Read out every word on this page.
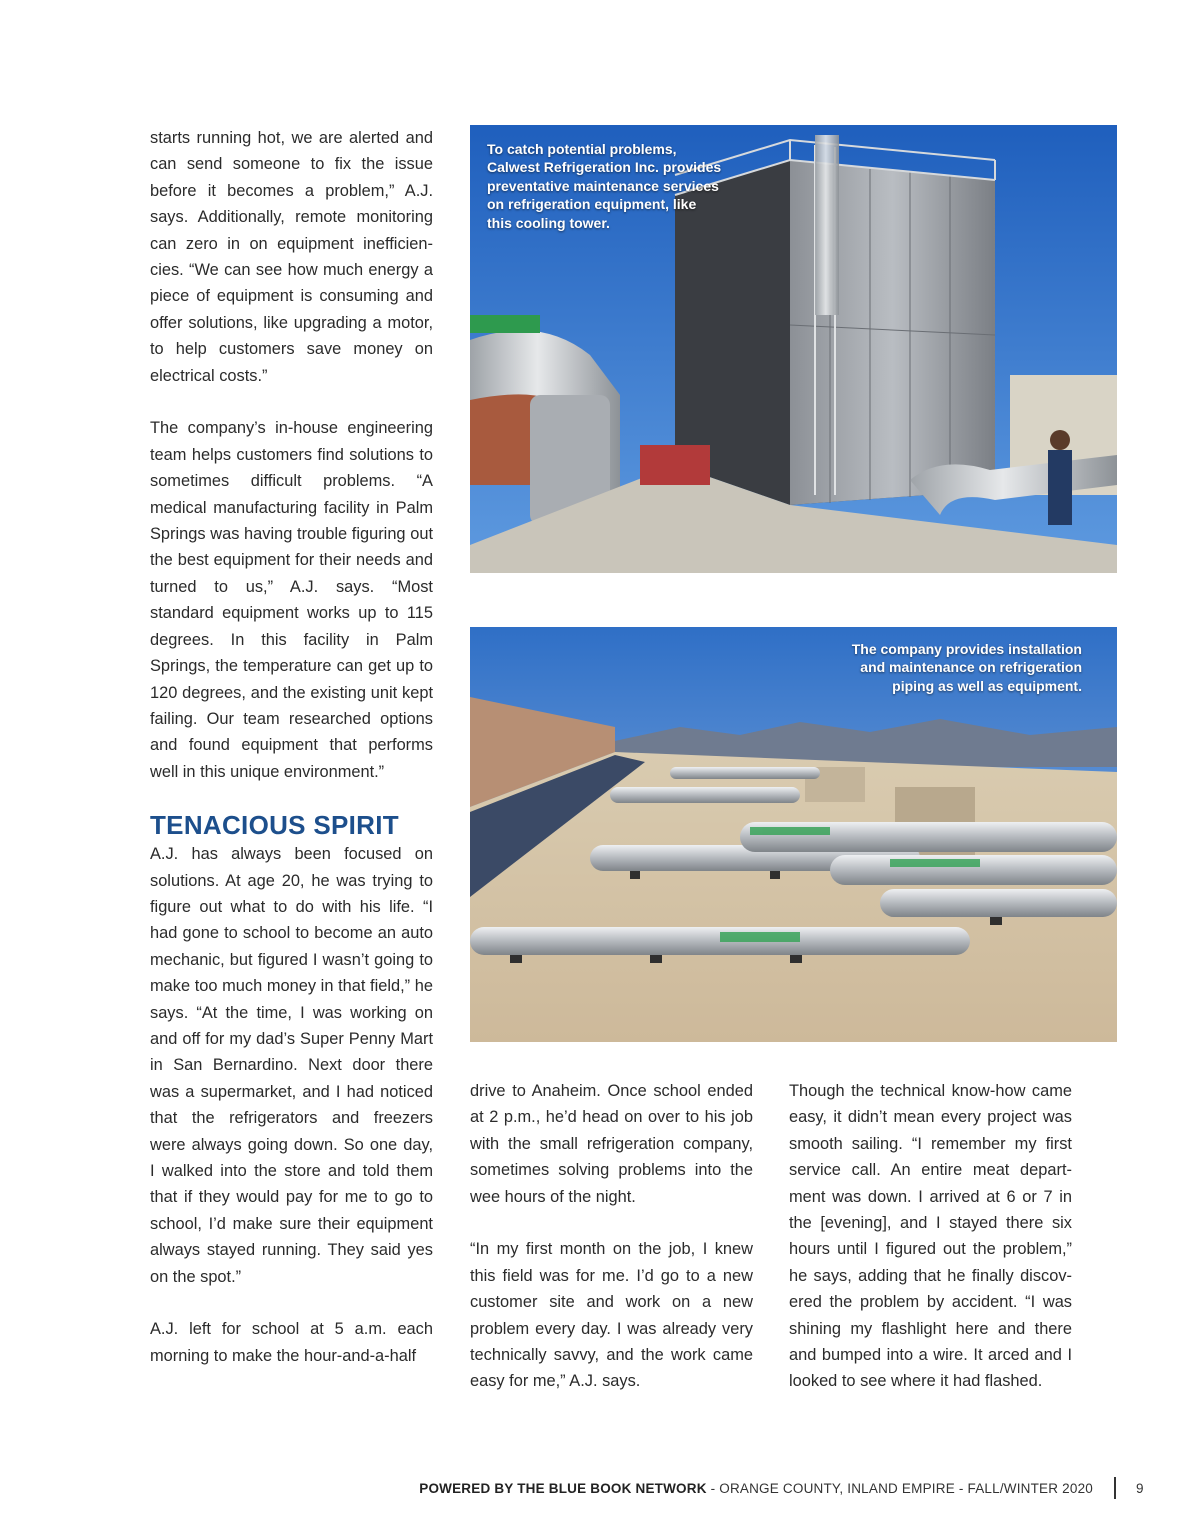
starts running hot, we are alerted and can send someone to fix the issue before it becomes a problem,” A.J. says. Additionally, remote monitoring can zero in on equipment inefficiencies. “We can see how much energy a piece of equipment is consuming and offer solutions, like upgrading a motor, to help customers save money on electrical costs.”

The company’s in-house engineering team helps customers find solutions to sometimes difficult problems. “A medical manufacturing facility in Palm Springs was having trouble figuring out the best equipment for their needs and turned to us,” A.J. says. “Most standard equipment works up to 115 degrees. In this facility in Palm Springs, the temperature can get up to 120 degrees, and the existing unit kept failing. Our team researched options and found equipment that performs well in this unique environment.”

TENACIOUS SPIRIT

A.J. has always been focused on solutions. At age 20, he was trying to figure out what to do with his life. “I had gone to school to become an auto mechanic, but figured I wasn’t going to make too much money in that field,” he says. “At the time, I was working on and off for my dad’s Super Penny Mart in San Bernardino. Next door there was a supermarket, and I had noticed that the refrigerators and freezers were always going down. So one day, I walked into the store and told them that if they would pay for me to go to school, I’d make sure their equipment always stayed running. They said yes on the spot.”

A.J. left for school at 5 a.m. each morning to make the hour-and-a-half

To catch potential problems,
Calwest Refrigeration Inc. provides
preventative maintenance services
on refrigeration equipment, like
this cooling tower.
The company provides installation
and maintenance on refrigeration
piping as well as equipment.

drive to Anaheim. Once school ended at 2 p.m., he’d head on over to his job with the small refrigeration company, sometimes solving problems into the wee hours of the night.

“In my first month on the job, I knew this field was for me. I’d go to a new customer site and work on a new problem every day. I was already very technically savvy, and the work came easy for me,” A.J. says.

Though the technical know-how came easy, it didn’t mean every project was smooth sailing. “I remember my first service call. An entire meat department was down. I arrived at 6 or 7 in the [evening], and I stayed there six hours until I figured out the problem,” he says, adding that he finally discovered the problem by accident. “I was shining my flashlight here and there and bumped into a wire. It arced and I looked to see where it had flashed.

POWERED BY THE BLUE BOOK NETWORK - ORANGE COUNTY, INLAND EMPIRE - FALL/WINTER 2020	9
